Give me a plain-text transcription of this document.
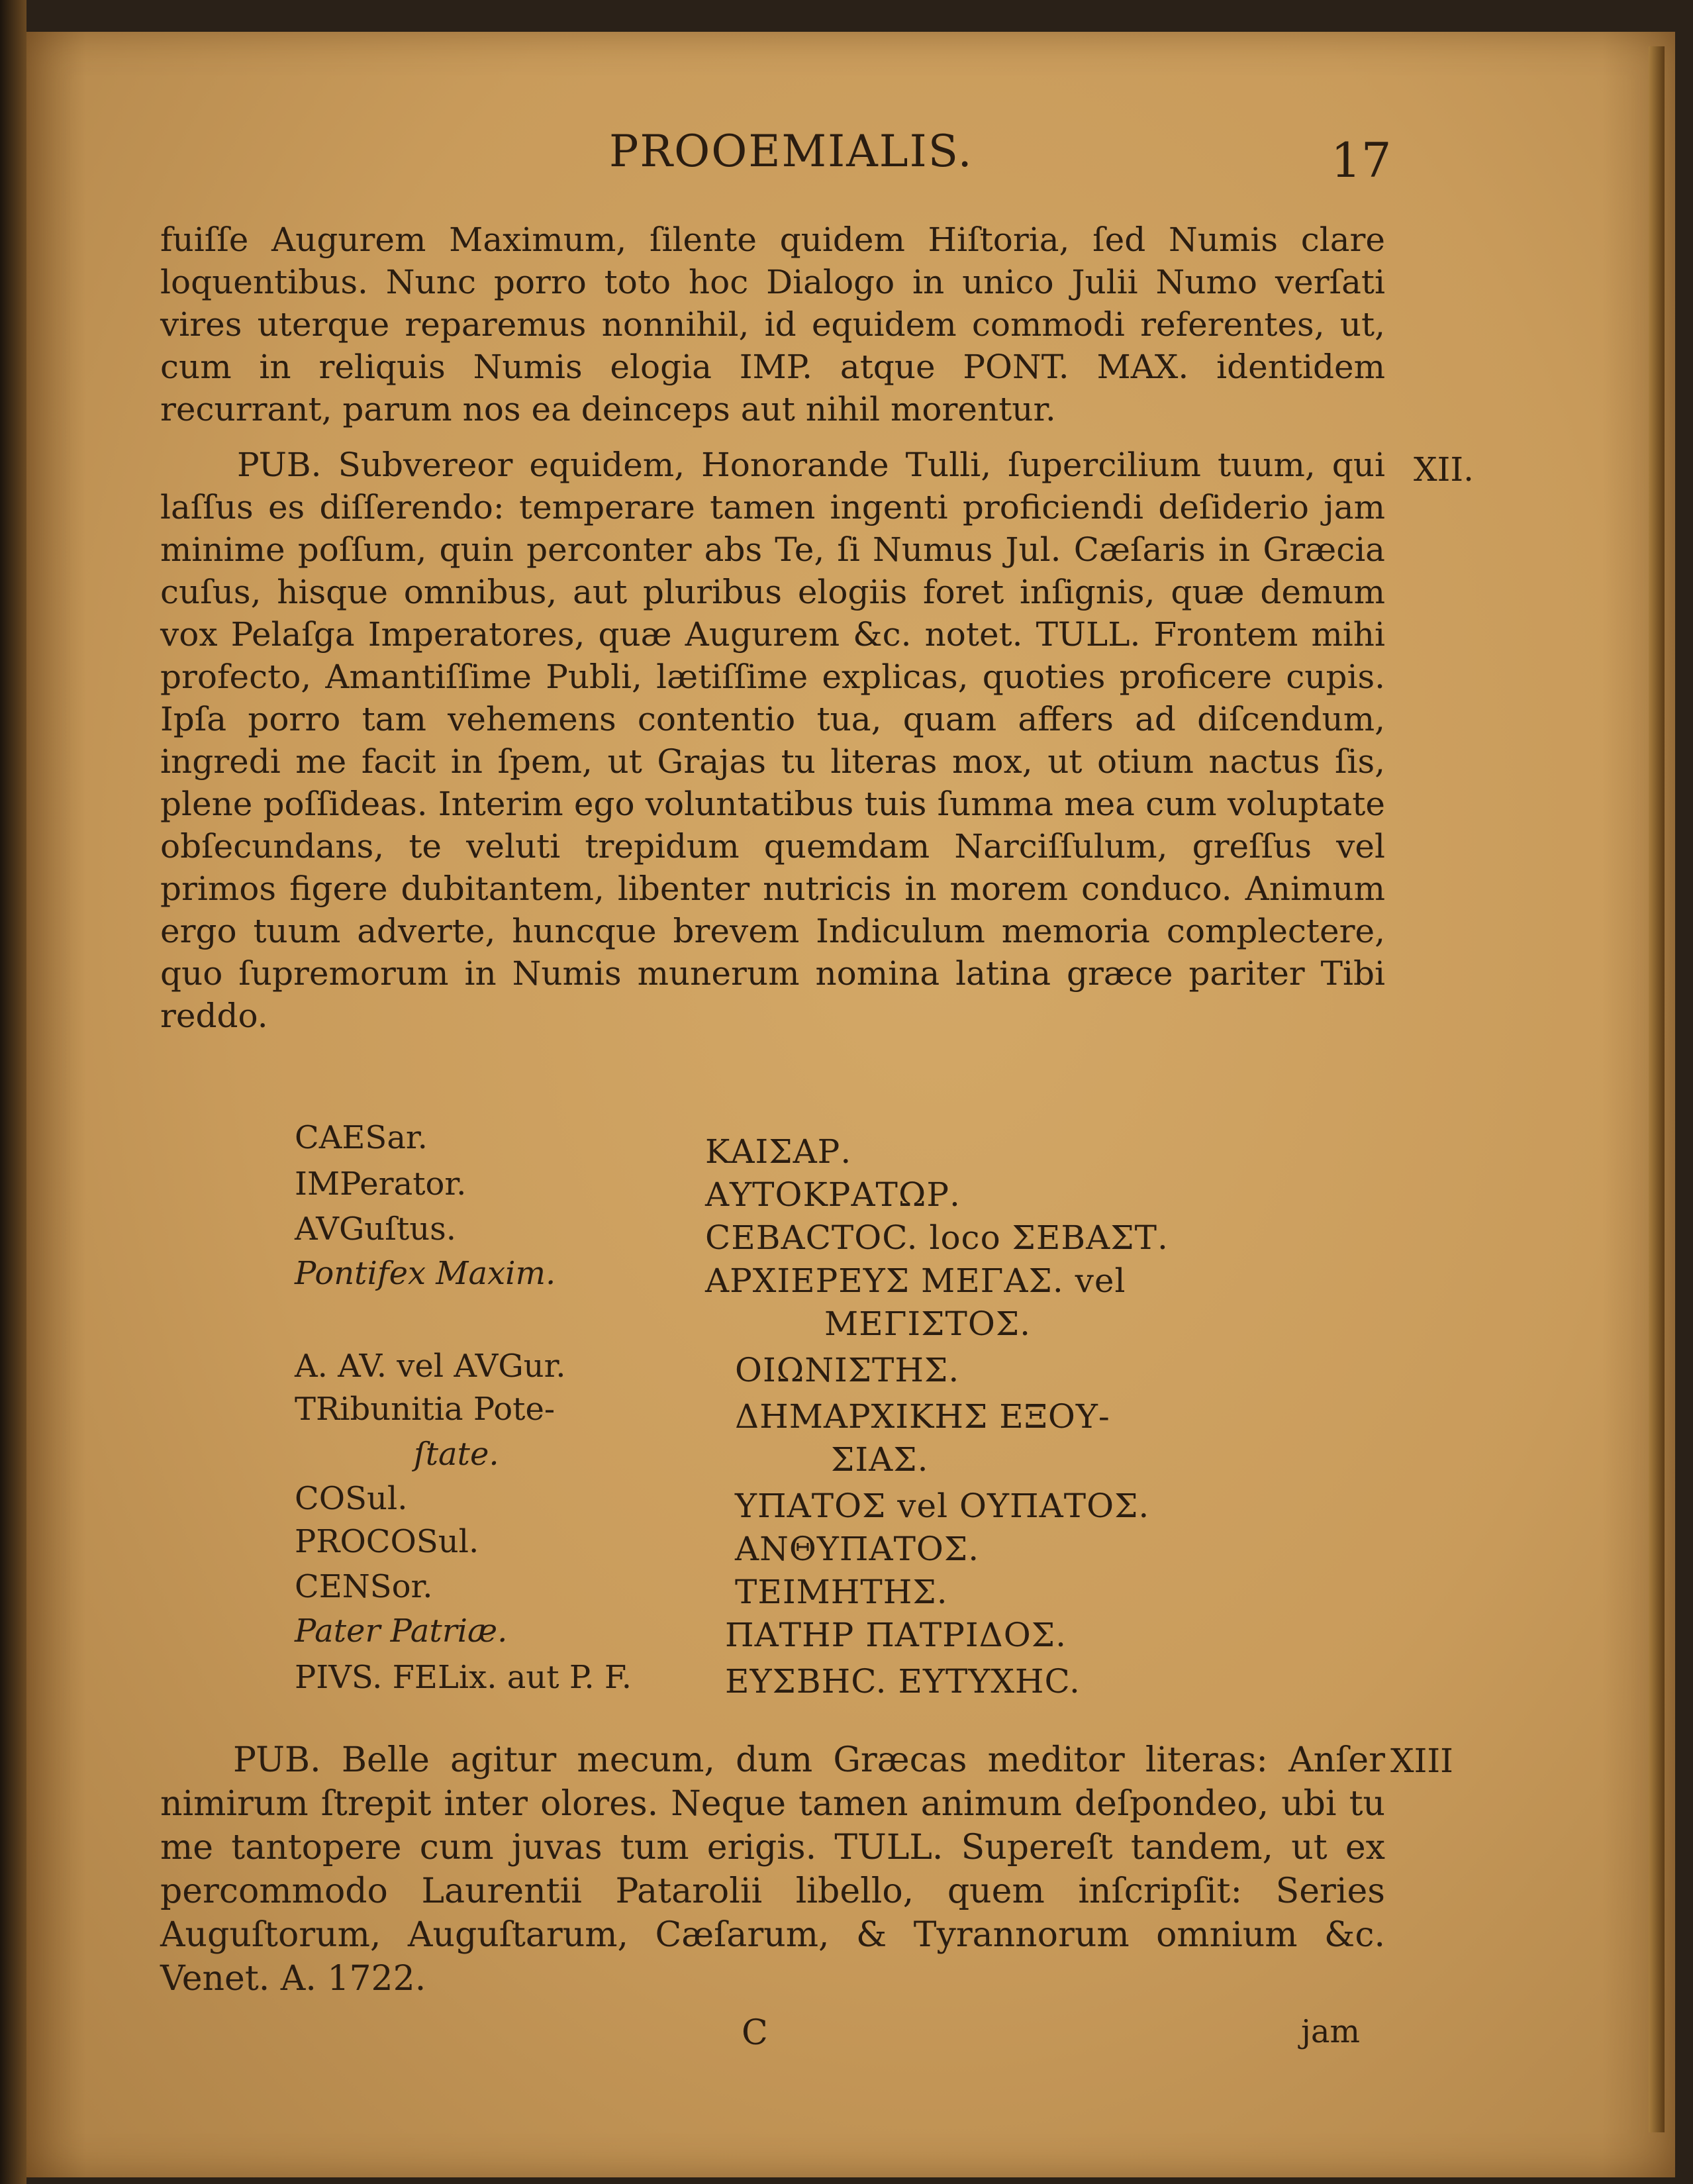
PROOEMIALIS.	17
fuiſſe Augurem Maximum, ſilente quidem Hiſtoria, ſed Numis clare loquentibus. Nunc porro toto hoc Dialogo in unico Julii Numo verſati vires uterque reparemus nonnihil, id equidem commodi referentes, ut, cum in reliquis Numis elogia IMP. atque PONT. MAX. identidem recurrant, parum nos ea deinceps aut nihil morentur.
PUB. Subvereor equidem, Honorande Tulli, ſupercilium tuum, qui laſſus es diſſerendo: temperare tamen ingenti proficiendi deſiderio jam minime poſſum, quin perconter abs Te, ſi Numus Jul. Cæſaris in Græcia cuſus, hisque omnibus, aut pluribus elogiis foret inſignis, quæ demum vox Pelaſga Imperatores, quæ Augurem &c. notet. TULL. Frontem mihi profecto, Amantiſſime Publi, lætiſſime explicas, quoties proficere cupis. Ipſa porro tam vehemens contentio tua, quam affers ad diſcendum, ingredi me facit in ſpem, ut Grajas tu literas mox, ut otium nactus ſis, plene poſſideas. Interim ego voluntatibus tuis ſumma mea cum voluptate obſecundans, te veluti trepidum quemdam Narciſſulum, greſſus vel primos figere dubitantem, libenter nutricis in morem conduco. Animum ergo tuum adverte, huncque brevem Indiculum memoria complectere, quo ſupremorum in Numis munerum nomina latina græce pariter Tibi reddo.
XII.
CAESar.	ΚΑΙΣΑΡ.
IMPerator.	ΑΥΤΟΚΡΑΤΩΡ.
AVGuſtus.	CEBACTOC. loco ΣΕΒΑΣΤ.
Pontifex Maxim.	ΑΡΧΙΕΡΕΥΣ ΜΕΓΑΣ. vel
ΜΕΓΙΣΤΟΣ.
A. AV. vel AVGur.	ΟΙΩΝΙΣΤΗΣ.
TRibunitia Pote-	ΔΗΜΑΡΧΙΚΗΣ ΕΞΟΥ-
ſtate.	ΣΙΑΣ.
COSul.	ΥΠΑΤΟΣ vel ΟΥΠΑΤΟΣ.
PROCOSul.	ΑΝΘΥΠΑΤΟΣ.
CENSor.	ΤΕΙΜΗΤΗΣ.
Pater Patriæ.	ΠΑΤΗΡ ΠΑΤΡΙΔΟΣ.
PIVS. FELix. aut P. F.	ΕΥΣΒΗC. ΕΥΤΥΧΗC.
XIII
PUB. Belle agitur mecum, dum Græcas meditor literas: Anſer nimirum ſtrepit inter olores. Neque tamen animum deſpondeo, ubi tu me tantopere cum juvas tum erigis. TULL. Supereſt tandem, ut ex percommodo Laurentii Patarolii libello, quem inſcripſit: Series Auguſtorum, Auguſtarum, Cæſarum, & Tyrannorum omnium &c. Venet. A. 1722.
C	jam
